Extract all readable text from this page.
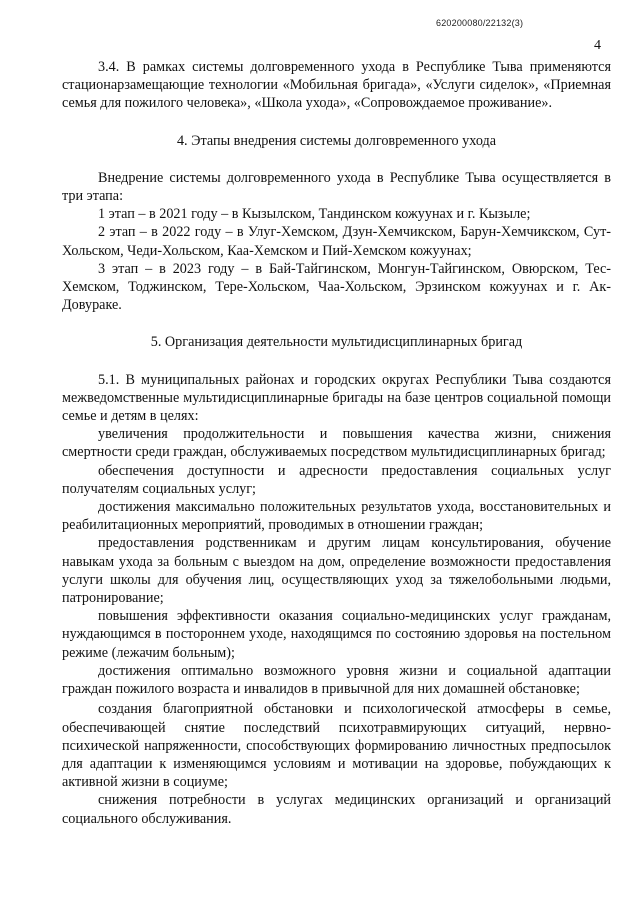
620200080/22132(3)
4

3.4. В рамках системы долговременного ухода в Республике Тыва применяются стационарзамещающие технологии «Мобильная бригада», «Услуги сиделок», «Приемная семья для пожилого человека», «Школа ухода», «Сопровождаемое проживание».

4. Этапы внедрения системы долговременного ухода

Внедрение системы долговременного ухода в Республике Тыва осуществляется в три этапа:

1 этап – в 2021 году – в Кызылском, Тандинском кожуунах и г. Кызыле;

2 этап – в 2022 году – в Улуг-Хемском, Дзун-Хемчикском, Барун-Хемчикском, Сут-Хольском, Чеди-Хольском, Каа-Хемском и Пий-Хемском кожуунах;

3 этап – в 2023 году – в Бай-Тайгинском, Монгун-Тайгинском, Овюрском, Тес-Хемском, Тоджинском, Тере-Хольском, Чаа-Хольском, Эрзинском кожуунах и г. Ак-Довураке.

5. Организация деятельности мультидисциплинарных бригад

5.1. В муниципальных районах и городских округах Республики Тыва создаются межведомственные мультидисциплинарные бригады на базе центров социальной помощи семье и детям в целях:

увеличения продолжительности и повышения качества жизни, снижения смертности среди граждан, обслуживаемых посредством мультидисциплинарных бригад;

обеспечения доступности и адресности предоставления социальных услуг получателям социальных услуг;

достижения максимально положительных результатов ухода, восстановительных и реабилитационных мероприятий, проводимых в отношении граждан;

предоставления родственникам и другим лицам консультирования, обучение навыкам ухода за больным с выездом на дом, определение возможности предоставления услуги школы для обучения лиц, осуществляющих уход за тяжелобольными людьми, патронирование;

повышения эффективности оказания социально-медицинских услуг гражданам, нуждающимся в постороннем уходе, находящимся по состоянию здоровья на постельном режиме (лежачим больным);

достижения оптимально возможного уровня жизни и социальной адаптации граждан пожилого возраста и инвалидов в привычной для них домашней обстановке;

создания благоприятной обстановки и психологической атмосферы в семье, обеспечивающей снятие последствий психотравмирующих ситуаций, нервно-психической напряженности, способствующих формированию личностных предпосылок для адаптации к изменяющимся условиям и мотивации на здоровье, побуждающих к активной жизни в социуме;

снижения потребности в услугах медицинских организаций и организаций социального обслуживания.
